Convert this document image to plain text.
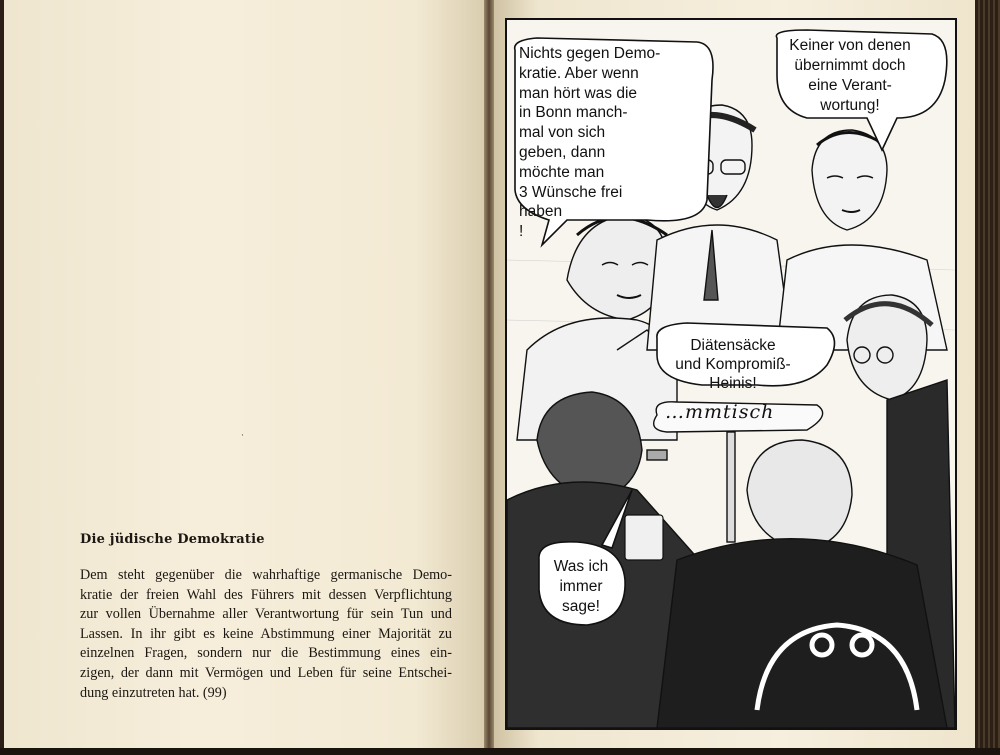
˙
Die jüdische Demokratie
Dem steht gegenüber die wahrhaftige germanische Demo-
kratie der freien Wahl des Führers mit dessen Verpflichtung
zur vollen Übernahme aller Verantwortung für sein Tun und
Lassen. In ihr gibt es keine Abstimmung einer Majorität zu
einzelnen Fragen, sondern nur die Bestimmung eines ein-
zigen, der dann mit Vermögen und Leben für seine Entschei-
dung einzutreten hat. (99)
Nichts gegen Demo-
kratie. Aber wenn
man hört was die
in Bonn manch-
mal von sich
geben, dann
möchte man
3 Wünsche frei
haben
!
Keiner von denen
übernimmt doch
eine Verant-
wortung!
Diätensäcke
und Kompromiß-
Heinis!
Was ich
immer
sage!
…mmtisch
